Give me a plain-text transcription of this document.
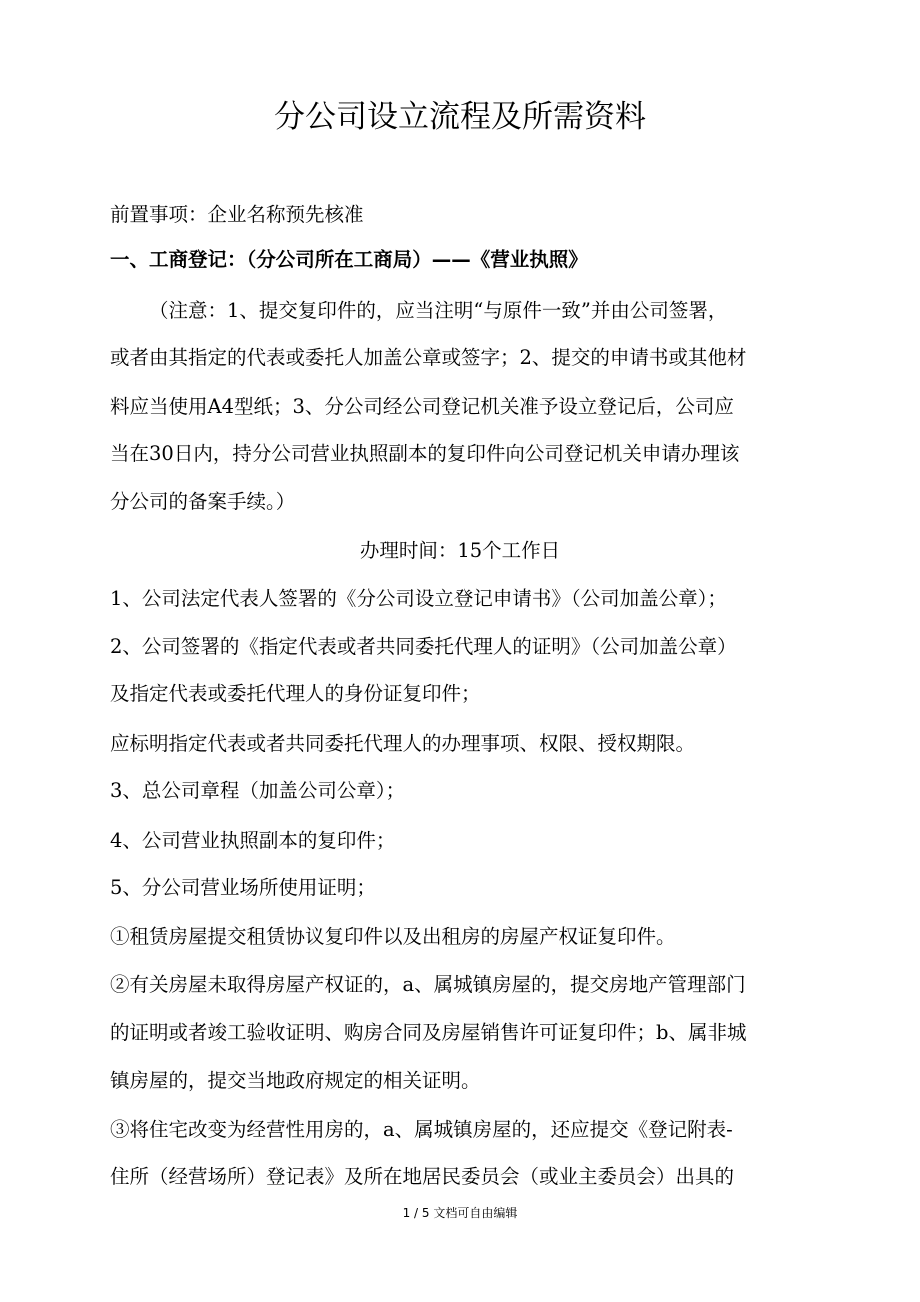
分公司设立流程及所需资料
前置事项：企业名称预先核准
一、工商登记：（分公司所在工商局）——《营业执照》
（注意：1、提交复印件的，应当注明“与原件一致”并由公司签署，
或者由其指定的代表或委托人加盖公章或签字；2、提交的申请书或其他材
料应当使用A4型纸；3、分公司经公司登记机关准予设立登记后，公司应
当在30日内，持分公司营业执照副本的复印件向公司登记机关申请办理该
分公司的备案手续。）
办理时间：15个工作日
1、公司法定代表人签署的《分公司设立登记申请书》（公司加盖公章）；
2、公司签署的《指定代表或者共同委托代理人的证明》（公司加盖公章）
及指定代表或委托代理人的身份证复印件；
应标明指定代表或者共同委托代理人的办理事项、权限、授权期限。
3、总公司章程（加盖公司公章）；
4、公司营业执照副本的复印件；
5、分公司营业场所使用证明；
①租赁房屋提交租赁协议复印件以及出租房的房屋产权证复印件。
②有关房屋未取得房屋产权证的，a、属城镇房屋的，提交房地产管理部门
的证明或者竣工验收证明、购房合同及房屋销售许可证复印件；b、属非城
镇房屋的，提交当地政府规定的相关证明。
③将住宅改变为经营性用房的，a、属城镇房屋的，还应提交《登记附表-
住所（经营场所）登记表》及所在地居民委员会（或业主委员会）出具的
1 / 5 文档可自由编辑
